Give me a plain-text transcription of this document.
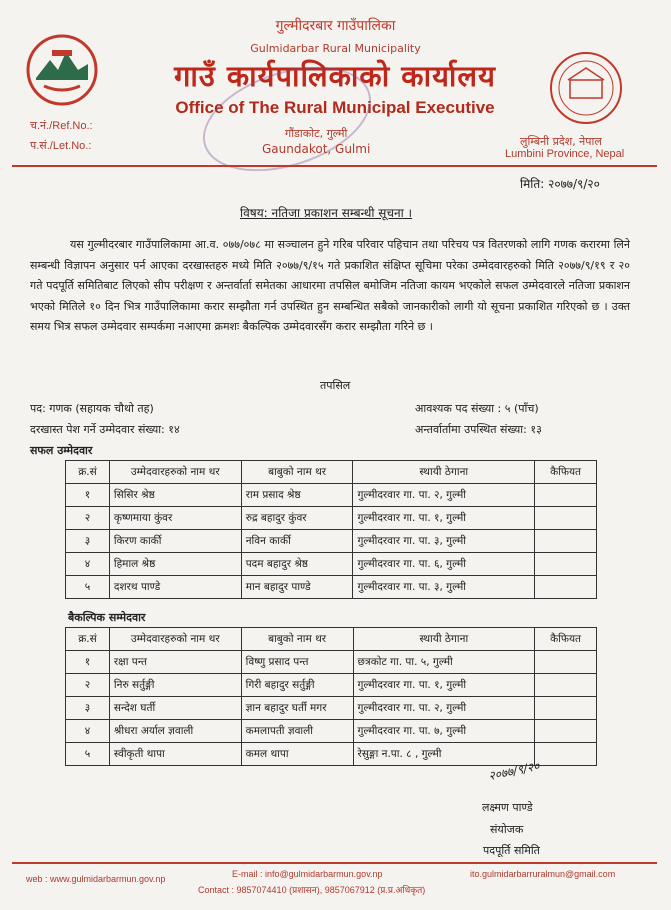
गुल्मीदरबार गाउँपालिका
Gulmidarbar Rural Municipality
गाउँ कार्यपालिकाको कार्यालय
Office of The Rural Municipal Executive
गौंडाकोट, गुल्मी
Gaundakot, Gulmi
च.नं./Ref.No.:
प.सं./Let.No.:	लुम्बिनी प्रदेश, नेपाल
Lumbini Province, Nepal
मिति: २०७७/९/२०
विषय: नतिजा प्रकाशन सम्बन्धी सूचना ।
यस गुल्मीदरबार गाउँपालिकामा आ.व. ०७७/०७८ मा सञ्चालन हुने गरिब परिवार पहिचान तथा परिचय पत्र वितरणको लागि गणक करारमा लिने सम्बन्धी विज्ञापन अनुसार पर्न आएका दरखास्तहरु मध्ये मिति २०७७/९/१५ गते प्रकाशित संक्षिप्त सूचिमा परेका उम्मेदवारहरुको मिति २०७७/९/१९ र २० गते पदपूर्ति समितिबाट लिएको सीप परीक्षण र अन्तर्वार्ता समेतका आधारमा तपसिल बमोजिम नतिजा कायम भएकोले सफल उम्मेदवारले नतिजा प्रकाशन भएको मितिले १० दिन भित्र गाउँपालिकामा करार सम्झौता गर्न उपस्थित हुन सम्बन्धित सबैको जानकारीको लागी यो सूचना प्रकाशित गरिएको छ । उक्त समय भित्र सफल उम्मेदवार सम्पर्कमा नआएमा क्रमशः बैकल्पिक उम्मेदवारसँग करार सम्झौता गरिने छ ।
तपसिल
पद: गणक (सहायक चौथो तह)	आवश्यक पद संख्या : ५ (पाँच)
दरखास्त पेश गर्ने उम्मेदवार संख्या: १४	अन्तर्वार्तामा उपस्थित संख्या: १३
सफल उम्मेदवार
क्र.सं	उम्मेदवारहरुको नाम थर	बाबुको नाम थर	स्थायी ठेगाना	कैफियत
१	सिसिर श्रेष्ठ	राम प्रसाद श्रेष्ठ	गुल्मीदरवार गा. पा. २, गुल्मी	
२	कृष्णमाया कुंवर	रुद्र बहादुर कुंवर	गुल्मीदरवार गा. पा. १, गुल्मी	
३	किरण कार्की	नविन कार्की	गुल्मीदरवार गा. पा. ३, गुल्मी	
४	हिमाल श्रेष्ठ	पदम बहादुर श्रेष्ठ	गुल्मीदरवार गा. पा. ६, गुल्मी	
५	दशरथ पाण्डे	मान बहादुर पाण्डे	गुल्मीदरवार गा. पा. ३, गुल्मी	
बैकल्पिक सम्मेदवार
क्र.सं	उम्मेदवारहरुको नाम थर	बाबुको नाम थर	स्थायी ठेगाना	कैफियत
१	रक्षा पन्त	विष्णु प्रसाद पन्त	छत्रकोट गा. पा. ५, गुल्मी	
२	निरु सर्तुङ्गी	गिरी बहादुर सर्तुङ्गी	गुल्मीदरवार गा. पा. १, गुल्मी	
३	सन्देश घर्ती	ज्ञान बहादुर घर्ती मगर	गुल्मीदरवार गा. पा. २, गुल्मी	
४	श्रीधरा अर्याल ज्ञवाली	कमलापती ज्ञवाली	गुल्मीदरवार गा. पा. ७, गुल्मी	
५	स्वीकृती थापा	कमल थापा	रेसुङ्गा न.पा. ८ , गुल्मी	
२०७७/९/२०
लक्ष्मण पाण्डे
संयोजक
पदपूर्ति समिति
web : www.gulmidarbarmun.gov.np	E-mail : info@gulmidarbarmun.gov.np	ito.gulmidarbarruralmun@gmail.com
Contact : 9857074410 (प्रशासन), 9857067912 (प्र.प्र.अधिकृत)
